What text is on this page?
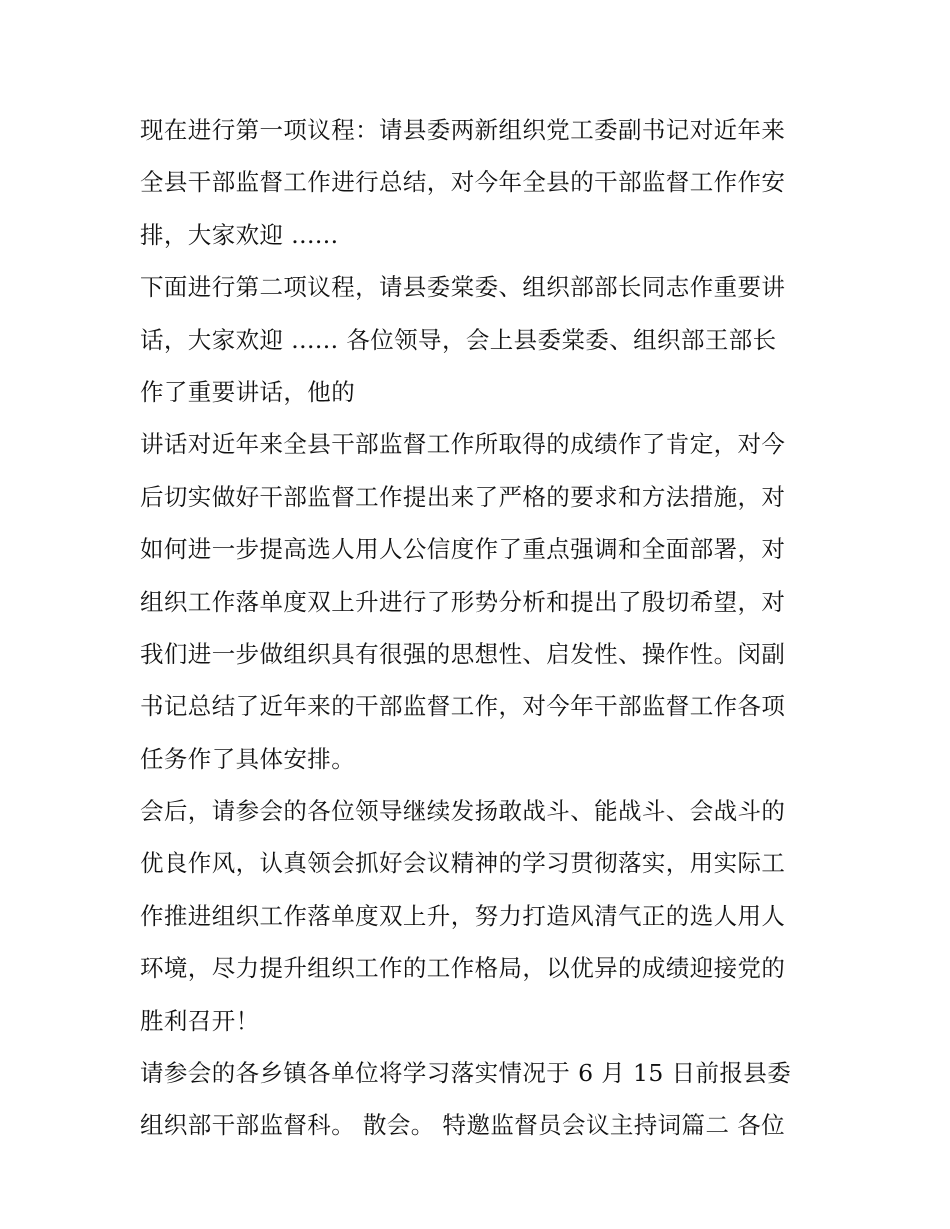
现在进行第一项议程：请县委两新组织党工委副书记对近年来
全县干部监督工作进行总结，对今年全县的干部监督工作作安
排，大家欢迎 ......
下面进行第二项议程，请县委棠委、组织部部长同志作重要讲
话，大家欢迎 ...... 各位领导，会上县委棠委、组织部王部长
作了重要讲话，他的
讲话对近年来全县干部监督工作所取得的成绩作了肯定，对今
后切实做好干部监督工作提出来了严格的要求和方法措施，对
如何进一步提高选人用人公信度作了重点强调和全面部署，对
组织工作落单度双上升进行了形势分析和提出了殷切希望，对
我们进一步做组织具有很强的思想性、启发性、操作性。闵副
书记总结了近年来的干部监督工作，对今年干部监督工作各项
任务作了具体安排。
会后，请参会的各位领导继续发扬敢战斗、能战斗、会战斗的
优良作风，认真领会抓好会议精神的学习贯彻落实，用实际工
作推进组织工作落单度双上升，努力打造风清气正的选人用人
环境，尽力提升组织工作的工作格局，以优异的成绩迎接党的
胜利召开！
请参会的各乡镇各单位将学习落实情况于 6 月 15 日前报县委
组织部干部监督科。 散会。 特邀监督员会议主持词篇二 各位
